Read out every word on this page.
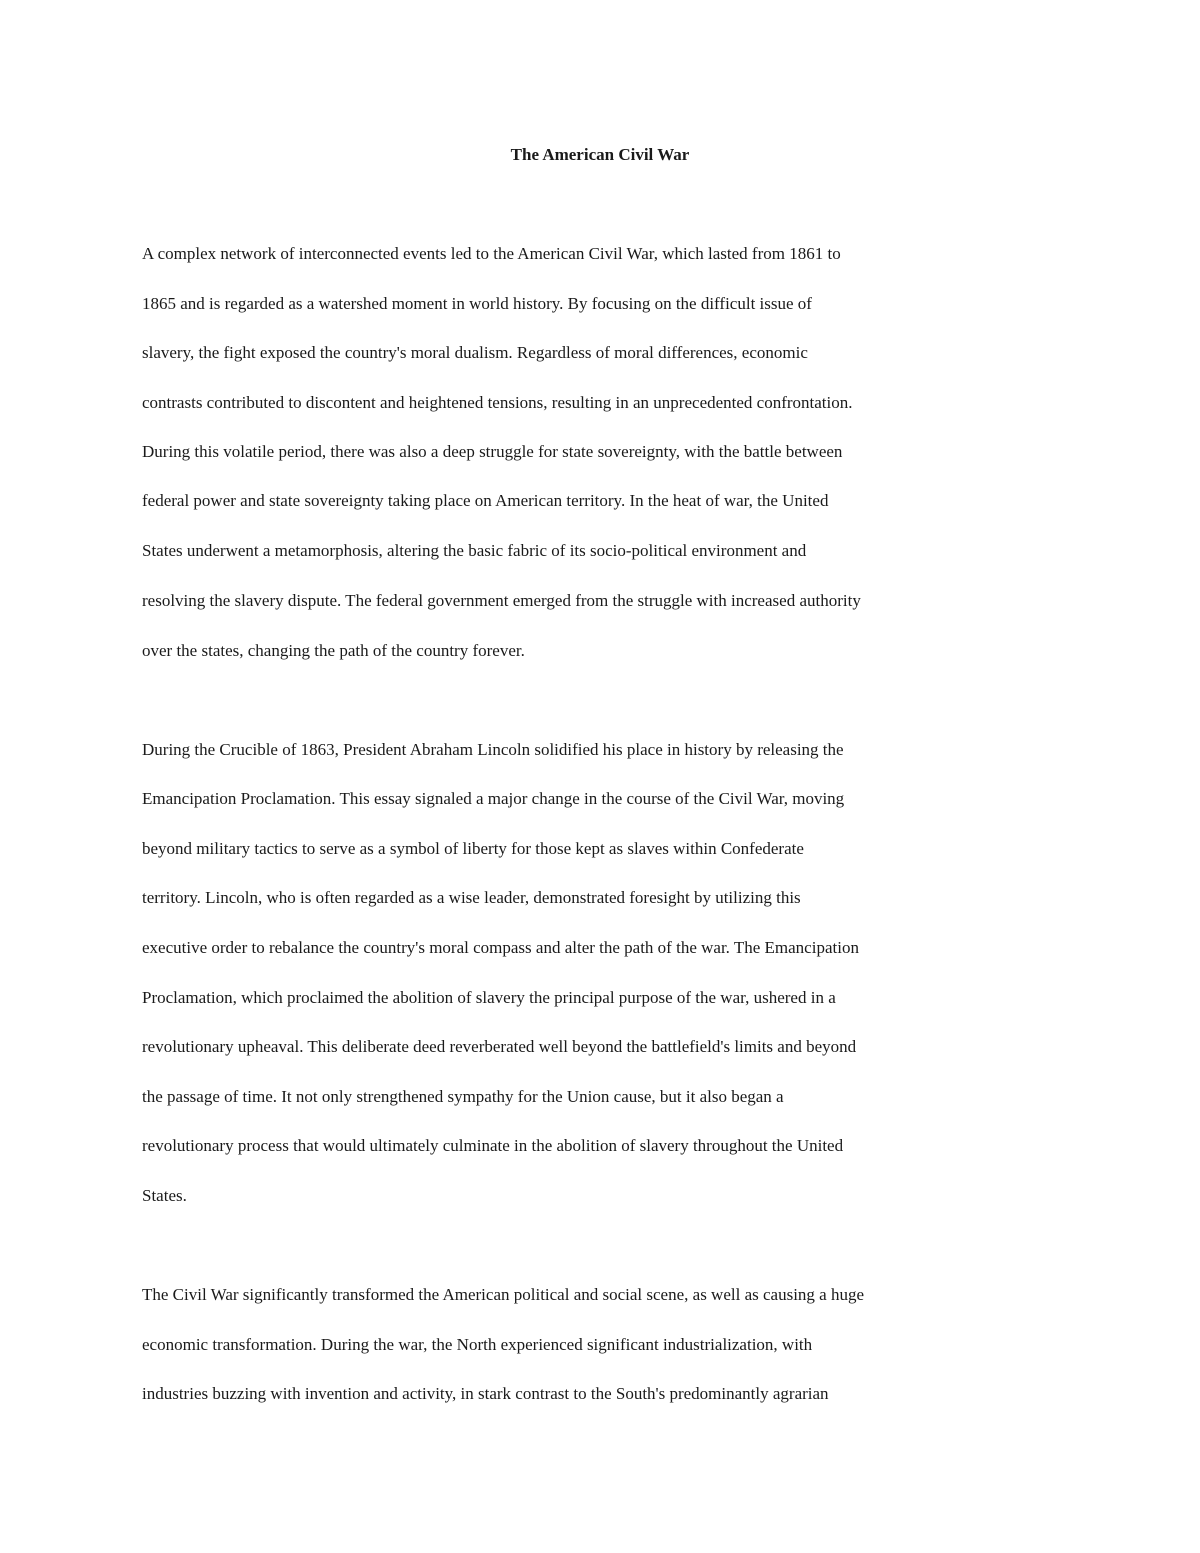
The American Civil War
A complex network of interconnected events led to the American Civil War, which lasted from 1861 to
1865 and is regarded as a watershed moment in world history. By focusing on the difficult issue of
slavery, the fight exposed the country's moral dualism. Regardless of moral differences, economic
contrasts contributed to discontent and heightened tensions, resulting in an unprecedented confrontation.
During this volatile period, there was also a deep struggle for state sovereignty, with the battle between
federal power and state sovereignty taking place on American territory. In the heat of war, the United
States underwent a metamorphosis, altering the basic fabric of its socio-political environment and
resolving the slavery dispute. The federal government emerged from the struggle with increased authority
over the states, changing the path of the country forever.
During the Crucible of 1863, President Abraham Lincoln solidified his place in history by releasing the
Emancipation Proclamation. This essay signaled a major change in the course of the Civil War, moving
beyond military tactics to serve as a symbol of liberty for those kept as slaves within Confederate
territory. Lincoln, who is often regarded as a wise leader, demonstrated foresight by utilizing this
executive order to rebalance the country's moral compass and alter the path of the war. The Emancipation
Proclamation, which proclaimed the abolition of slavery the principal purpose of the war, ushered in a
revolutionary upheaval. This deliberate deed reverberated well beyond the battlefield's limits and beyond
the passage of time. It not only strengthened sympathy for the Union cause, but it also began a
revolutionary process that would ultimately culminate in the abolition of slavery throughout the United
States.
The Civil War significantly transformed the American political and social scene, as well as causing a huge
economic transformation. During the war, the North experienced significant industrialization, with
industries buzzing with invention and activity, in stark contrast to the South's predominantly agrarian
